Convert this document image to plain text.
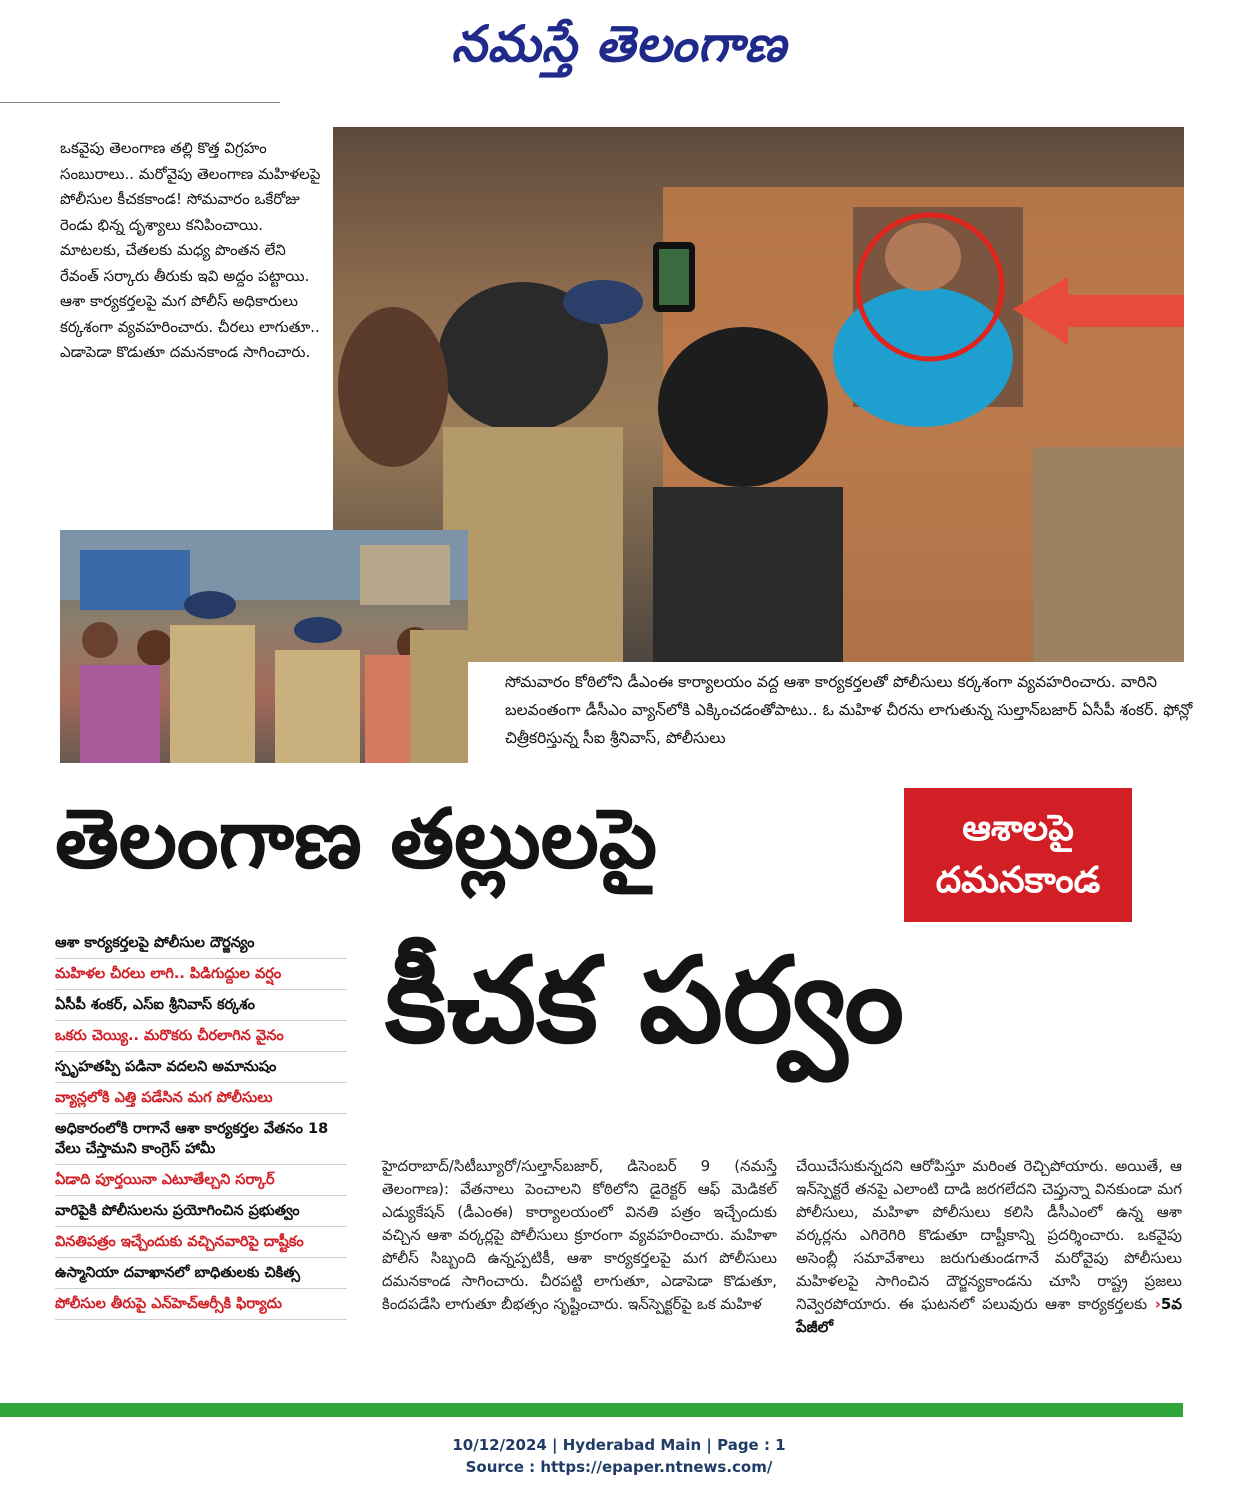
నమస్తే తెలంగాణ
ఒకవైపు తెలంగాణ తల్లి కొత్త విగ్రహం సంబురాలు.. మరోవైపు తెలంగాణ మహిళలపై పోలీసుల కీచకకాండ! సోమవారం ఒకేరోజు రెండు భిన్న దృశ్యాలు కనిపించాయి. మాటలకు, చేతలకు మధ్య పొంతన లేని రేవంత్ సర్కారు తీరుకు ఇవి అద్దం పట్టాయి. ఆశా కార్యకర్తలపై మగ పోలీస్ అధికారులు కర్కశంగా వ్యవహరించారు. చీరలు లాగుతూ.. ఎడాపెడా కొడుతూ దమనకాండ సాగించారు.
సోమవారం కోఠిలోని డీఎంఈ కార్యాలయం వద్ద ఆశా కార్యకర్తలతో పోలీసులు కర్కశంగా వ్యవహరించారు. వారిని బలవంతంగా డీసీఎం వ్యాన్‌లోకి ఎక్కించడంతోపాటు.. ఓ మహిళ చీరను లాగుతున్న సుల్తాన్‌బజార్ ఏసీపీ శంకర్. ఫోన్లో చిత్రీకరిస్తున్న సీఐ శ్రీనివాస్, పోలీసులు
తెలంగాణ తల్లులపై
కీచక పర్వం
ఆశాలపై
దమనకాండ
ఆశా కార్యకర్తలపై పోలీసుల దౌర్జన్యం
మహిళల చీరలు లాగి.. పిడిగుద్దుల వర్షం
ఏసీపీ శంకర్, ఎస్‌ఐ శ్రీనివాస్ కర్కశం
ఒకరు చెయ్యి.. మరొకరు చీరలాగిన వైనం
స్పృహతప్పి పడినా వదలని అమానుషం
వ్యాన్లలోకి ఎత్తి పడేసిన మగ పోలీసులు
అధికారంలోకి రాగానే ఆశా కార్యకర్తల వేతనం 18 వేలు చేస్తామని కాంగ్రెస్ హామీ
ఏడాది పూర్తయినా ఎటూతేల్చని సర్కార్
వారిపైకి పోలీసులను ప్రయోగించిన ప్రభుత్వం
వినతిపత్రం ఇచ్చేందుకు వచ్చినవారిపై దాష్టీకం
ఉస్మానియా దవాఖానలో బాధితులకు చికిత్స
పోలీసుల తీరుపై ఎన్‌హెచ్ఆర్సీకి ఫిర్యాదు
హైదరాబాద్/సిటీబ్యూరో/సుల్తాన్‌బజార్, డిసెంబర్ 9 (నమస్తే తెలంగాణ): వేతనాలు పెంచాలని కోఠిలోని డైరెక్టర్ ఆఫ్ మెడికల్ ఎడ్యుకేషన్ (డీఎంఈ) కార్యాలయంలో వినతి పత్రం ఇచ్చేందుకు వచ్చిన ఆశా వర్కర్లపై పోలీసులు క్రూరంగా వ్యవహరించారు. మహిళా పోలీస్ సిబ్బంది ఉన్నప్పటికీ, ఆశా కార్యకర్తలపై మగ పోలీసులు దమనకాండ సాగించారు. చీరపట్టి లాగుతూ, ఎడాపెడా కొడుతూ, కిందపడేసి లాగుతూ బీభత్సం సృష్టించారు. ఇన్‌స్పెక్టర్‌పై ఒక మహిళ
చేయిచేసుకున్నదని ఆరోపిస్తూ మరింత రెచ్చిపోయారు. అయితే, ఆ ఇన్‌స్పెక్టరే తనపై ఎలాంటి దాడి జరగలేదని చెప్తున్నా వినకుండా మగ పోలీసులు, మహిళా పోలీసులు కలిసి డీసీఎంలో ఉన్న ఆశా వర్కర్లను ఎగిరెగిరి కొడుతూ దాష్టీకాన్ని ప్రదర్శించారు. ఒకవైపు అసెంబ్లీ సమావేశాలు జరుగుతుండగానే మరోవైపు పోలీసులు మహిళలపై సాగించిన దౌర్జన్యకాండను చూసి రాష్ట్ర ప్రజలు నివ్వెరపోయారు. ఈ ఘటనలో పలువురు ఆశా కార్యకర్తలకు ›5వ పేజీలో
10/12/2024 | Hyderabad Main | Page : 1
Source : https://epaper.ntnews.com/
